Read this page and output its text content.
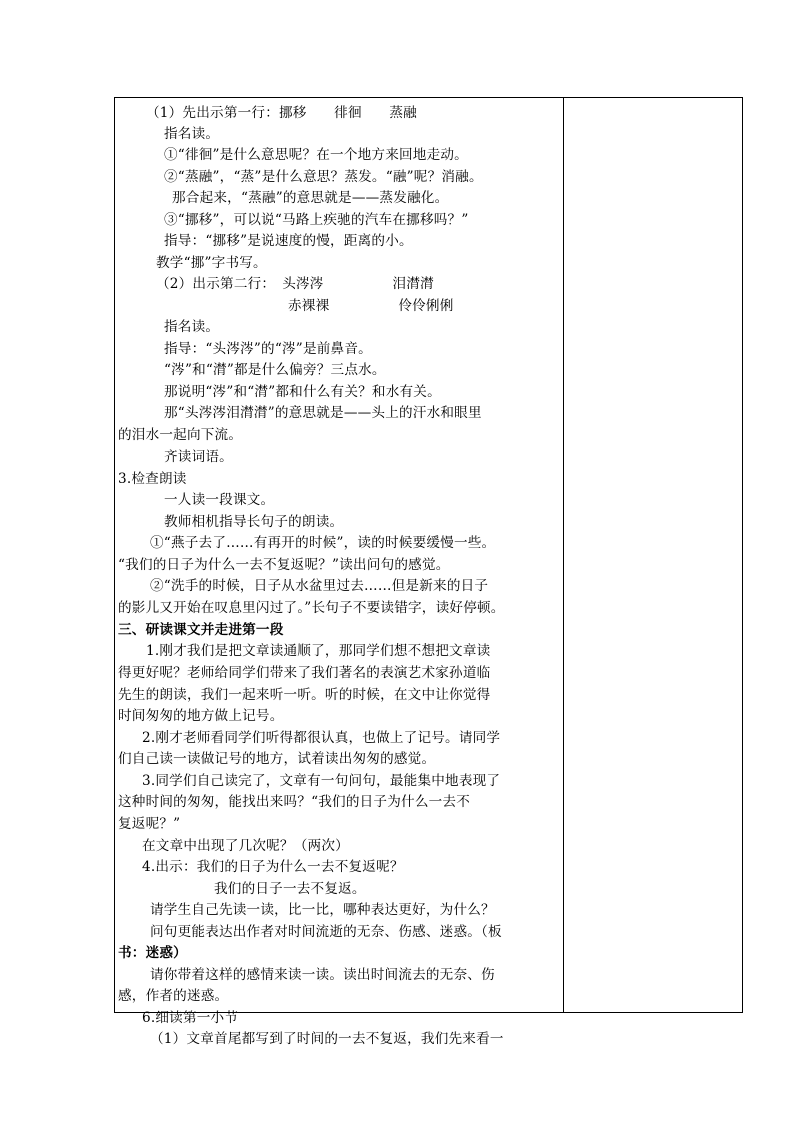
（1）先出示第一行：挪移　　徘徊　　蒸融
指名读。
①“徘徊”是什么意思呢？在一个地方来回地走动。
②“蒸融”，“蒸”是什么意思？蒸发。“融”呢？消融。
那合起来，“蒸融”的意思就是——蒸发融化。
③“挪移”，可以说“马路上疾驰的汽车在挪移吗？”
指导：“挪移”是说速度的慢，距离的小。
教学“挪”字书写。
（2）出示第二行：　头涔涔　　　　　泪潸潸
赤裸裸　　　　　伶伶俐俐
指名读。
指导：“头涔涔”的“涔”是前鼻音。
“涔”和“潸”都是什么偏旁？三点水。
那说明“涔”和“潸”都和什么有关？和水有关。
那“头涔涔泪潸潸”的意思就是——头上的汗水和眼里
的泪水一起向下流。
齐读词语。
3.检查朗读
一人读一段课文。
教师相机指导长句子的朗读。
①“燕子去了……有再开的时候”，读的时候要缓慢一些。
“我们的日子为什么一去不复返呢？”读出问句的感觉。
②“洗手的时候，日子从水盆里过去……但是新来的日子
的影儿又开始在叹息里闪过了。”长句子不要读错字，读好停顿。
三、研读课文并走进第一段
1.刚才我们是把文章读通顺了，那同学们想不想把文章读
得更好呢？老师给同学们带来了我们著名的表演艺术家孙道临
先生的朗读，我们一起来听一听。听的时候，在文中让你觉得
时间匆匆的地方做上记号。
2.刚才老师看同学们听得都很认真，也做上了记号。请同学
们自己读一读做记号的地方，试着读出匆匆的感觉。
3.同学们自己读完了，文章有一句问句，最能集中地表现了
这种时间的匆匆，能找出来吗？“我们的日子为什么一去不
复返呢？”
在文章中出现了几次呢？（两次）
4.出示：我们的日子为什么一去不复返呢？
我们的日子一去不复返。
请学生自己先读一读，比一比，哪种表达更好，为什么？
问句更能表达出作者对时间流逝的无奈、伤感、迷惑。（板
书：迷惑）
请你带着这样的感情来读一读。读出时间流去的无奈、伤
感，作者的迷惑。
6.细读第一小节
（1）文章首尾都写到了时间的一去不复返，我们先来看一
